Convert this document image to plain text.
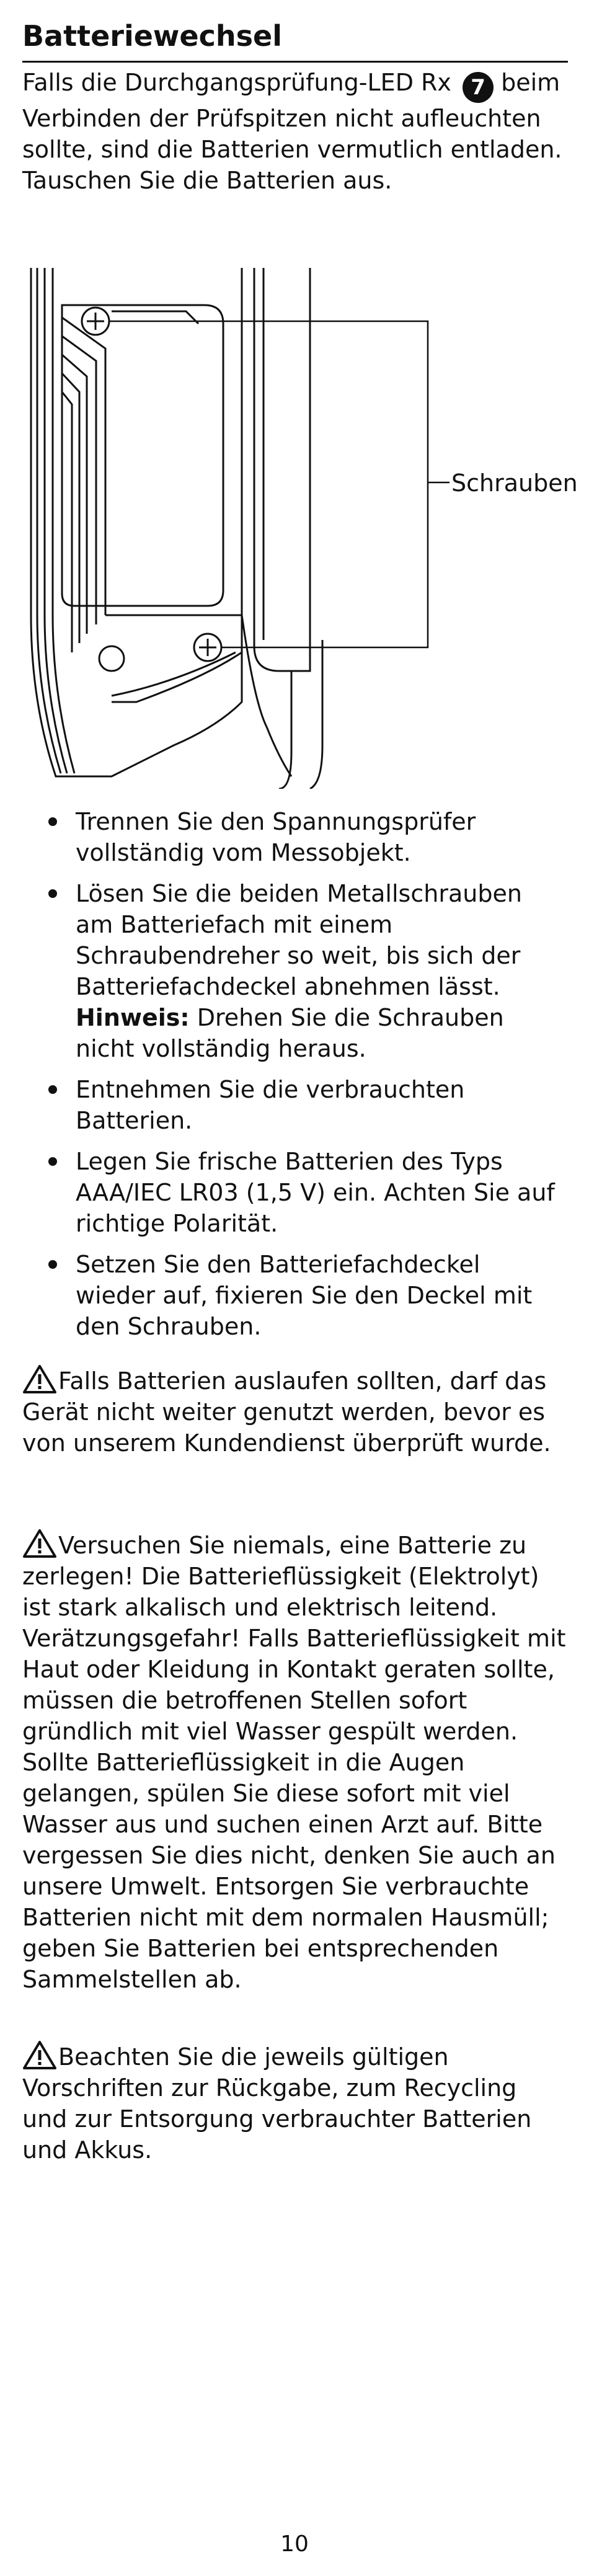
Batteriewechsel
Falls die Durchgangsprüfung-LED Rx 7 beim Verbinden der Prüfspitzen nicht aufleuchten sollte, sind die Batterien vermutlich entladen. Tauschen Sie die Batterien aus.
Schrauben
Trennen Sie den Spannungsprüfer vollständig vom Messobjekt.
Lösen Sie die beiden Metallschrauben am Batteriefach mit einem Schraubendreher so weit, bis sich der Batteriefachdeckel abnehmen lässt. Hinweis: Drehen Sie die Schrauben nicht vollständig heraus.
Entnehmen Sie die verbrauchten Batterien.
Legen Sie frische Batterien des Typs AAA/IEC LR03 (1,5 V) ein. Achten Sie auf richtige Polarität.
Setzen Sie den Batteriefachdeckel wieder auf, fixieren Sie den Deckel mit den Schrauben.
Falls Batterien auslaufen sollten, darf das Gerät nicht weiter genutzt werden, bevor es von unserem Kundendienst überprüft wurde.
Versuchen Sie niemals, eine Batterie zu zerlegen! Die Batterieflüssigkeit (Elektrolyt) ist stark alkalisch und elektrisch leitend. Verätzungsgefahr! Falls Batterieflüssigkeit mit Haut oder Kleidung in Kontakt geraten sollte, müssen die betroffenen Stellen sofort gründlich mit viel Wasser gespült werden. Sollte Batterieflüssigkeit in die Augen gelangen, spülen Sie diese sofort mit viel Wasser aus und suchen einen Arzt auf. Bitte vergessen Sie dies nicht, denken Sie auch an unsere Umwelt. Entsorgen Sie verbrauchte Batterien nicht mit dem normalen Hausmüll; geben Sie Batterien bei entsprechenden Sammelstellen ab.
Beachten Sie die jeweils gültigen Vorschriften zur Rückgabe, zum Recycling und zur Entsorgung verbrauchter Batterien und Akkus.
10
